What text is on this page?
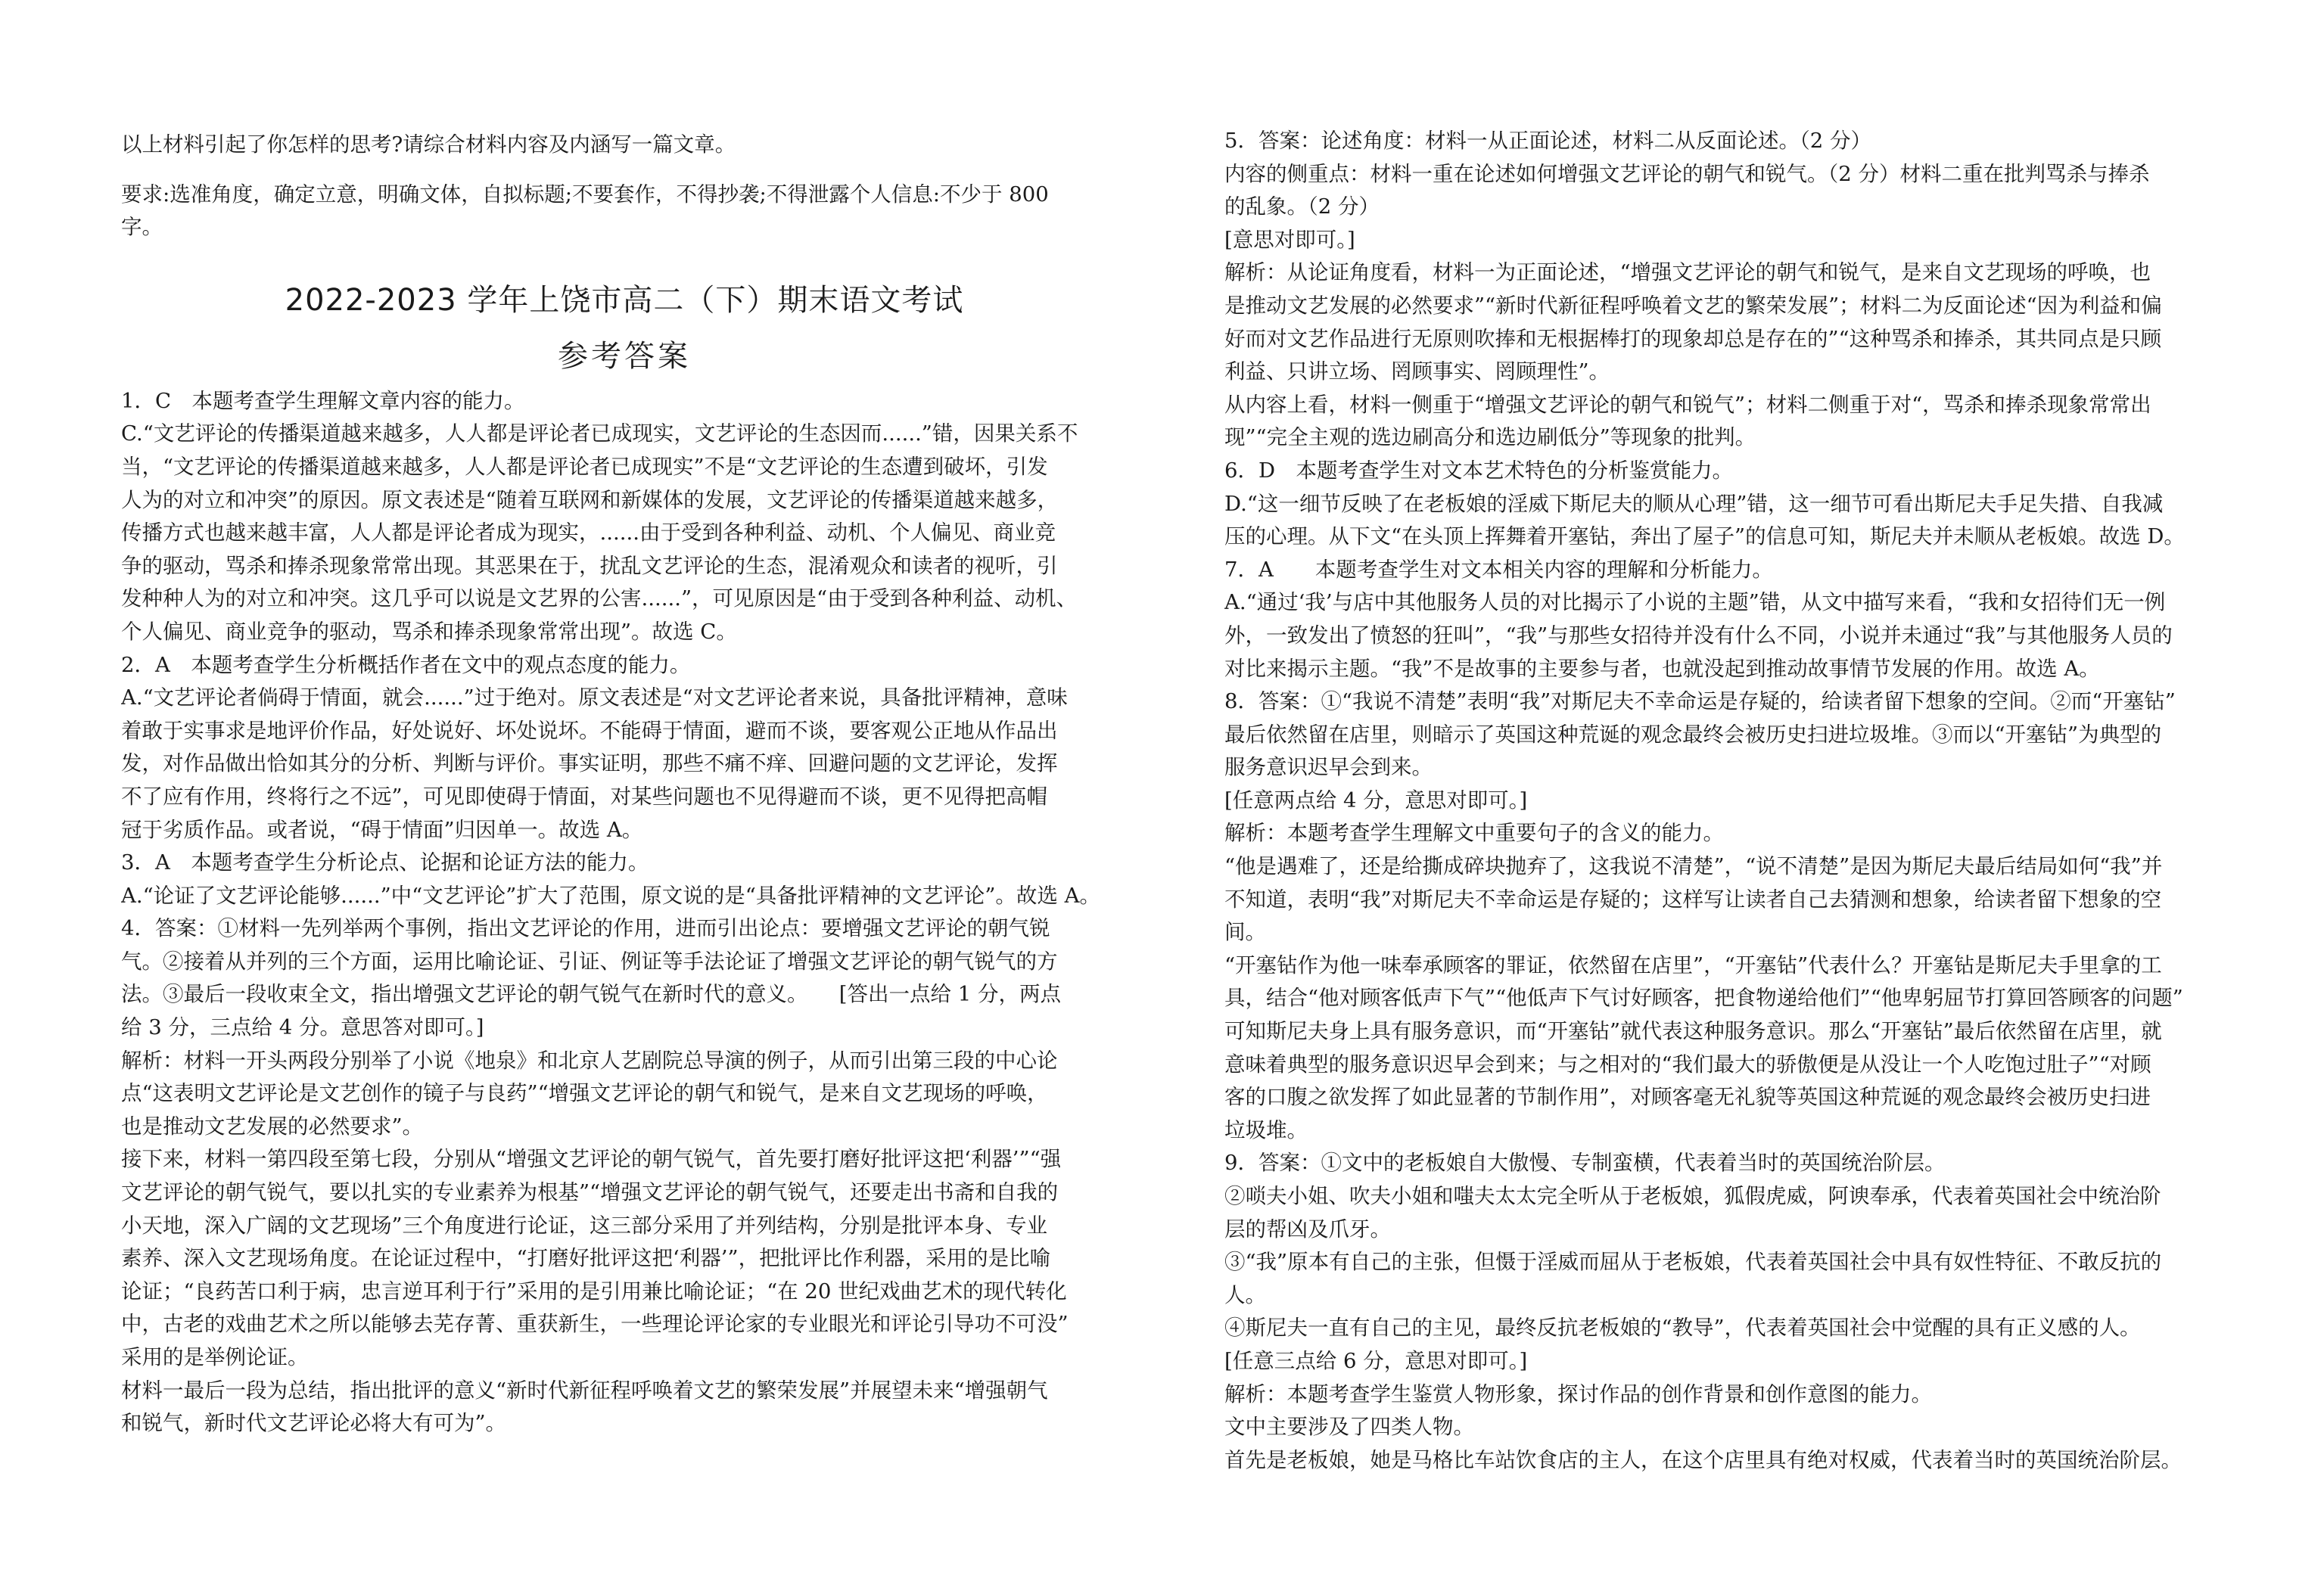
以上材料引起了你怎样的思考?请综合材料内容及内涵写一篇文章。
要求:选准角度，确定立意，明确文体，自拟标题;不要套作，不得抄袭;不得泄露个人信息:不少于 800
字。
2022-2023 学年上饶市高二（下）期末语文考试
参考答案
1．C　本题考查学生理解文章内容的能力。
C.“文艺评论的传播渠道越来越多，人人都是评论者已成现实，文艺评论的生态因而......”错，因果关系不
当，“文艺评论的传播渠道越来越多，人人都是评论者已成现实”不是“文艺评论的生态遭到破坏，引发
人为的对立和冲突”的原因。原文表述是“随着互联网和新媒体的发展，文艺评论的传播渠道越来越多，
传播方式也越来越丰富，人人都是评论者成为现实，......由于受到各种利益、动机、个人偏见、商业竞
争的驱动，骂杀和捧杀现象常常出现。其恶果在于，扰乱文艺评论的生态，混淆观众和读者的视听，引
发种种人为的对立和冲突。这几乎可以说是文艺界的公害......”，可见原因是“由于受到各种利益、动机、
个人偏见、商业竞争的驱动，骂杀和捧杀现象常常出现”。故选 C。
2．A　本题考查学生分析概括作者在文中的观点态度的能力。
A.“文艺评论者倘碍于情面，就会......”过于绝对。原文表述是“对文艺评论者来说，具备批评精神，意味
着敢于实事求是地评价作品，好处说好、坏处说坏。不能碍于情面，避而不谈，要客观公正地从作品出
发，对作品做出恰如其分的分析、判断与评价。事实证明，那些不痛不痒、回避问题的文艺评论，发挥
不了应有作用，终将行之不远”，可见即使碍于情面，对某些问题也不见得避而不谈，更不见得把高帽
冠于劣质作品。或者说，“碍于情面”归因单一。故选 A。
3．A　本题考查学生分析论点、论据和论证方法的能力。
A.“论证了文艺评论能够......”中“文艺评论”扩大了范围，原文说的是“具备批评精神的文艺评论”。故选 A。
4．答案：①材料一先列举两个事例，指出文艺评论的作用，进而引出论点：要增强文艺评论的朝气锐
气。②接着从并列的三个方面，运用比喻论证、引证、例证等手法论证了增强文艺评论的朝气锐气的方
法。③最后一段收束全文，指出增强文艺评论的朝气锐气在新时代的意义。　　[答出一点给 1 分，两点
给 3 分，三点给 4 分。意思答对即可。]
解析：材料一开头两段分别举了小说《地泉》和北京人艺剧院总导演的例子，从而引出第三段的中心论
点“这表明文艺评论是文艺创作的镜子与良药”“增强文艺评论的朝气和锐气，是来自文艺现场的呼唤，
也是推动文艺发展的必然要求”。
接下来，材料一第四段至第七段，分别从“增强文艺评论的朝气锐气，首先要打磨好批评这把‘利器’”“强
文艺评论的朝气锐气，要以扎实的专业素养为根基”“增强文艺评论的朝气锐气，还要走出书斋和自我的
小天地，深入广阔的文艺现场”三个角度进行论证，这三部分采用了并列结构，分别是批评本身、专业
素养、深入文艺现场角度。在论证过程中，“打磨好批评这把‘利器’”，把批评比作利器，采用的是比喻
论证；“良药苦口利于病，忠言逆耳利于行”采用的是引用兼比喻论证；“在 20 世纪戏曲艺术的现代转化
中，古老的戏曲艺术之所以能够去芜存菁、重获新生，一些理论评论家的专业眼光和评论引导功不可没”
采用的是举例论证。
材料一最后一段为总结，指出批评的意义“新时代新征程呼唤着文艺的繁荣发展”并展望未来“增强朝气
和锐气，新时代文艺评论必将大有可为”。
5．答案：论述角度：材料一从正面论述，材料二从反面论述。（2 分）
内容的侧重点：材料一重在论述如何增强文艺评论的朝气和锐气。（2 分）材料二重在批判骂杀与捧杀
的乱象。（2 分）
[意思对即可。]
解析：从论证角度看，材料一为正面论述，“增强文艺评论的朝气和锐气，是来自文艺现场的呼唤，也
是推动文艺发展的必然要求”“新时代新征程呼唤着文艺的繁荣发展”；材料二为反面论述“因为利益和偏
好而对文艺作品进行无原则吹捧和无根据棒打的现象却总是存在的”“这种骂杀和捧杀，其共同点是只顾
利益、只讲立场、罔顾事实、罔顾理性”。
从内容上看，材料一侧重于“增强文艺评论的朝气和锐气”；材料二侧重于对“，骂杀和捧杀现象常常出
现”“完全主观的选边刷高分和选边刷低分”等现象的批判。
6．D　本题考查学生对文本艺术特色的分析鉴赏能力。
D.“这一细节反映了在老板娘的淫威下斯尼夫的顺从心理”错，这一细节可看出斯尼夫手足失措、自我减
压的心理。从下文“在头顶上挥舞着开塞钻，奔出了屋子”的信息可知，斯尼夫并未顺从老板娘。故选 D。
7．A　　本题考查学生对文本相关内容的理解和分析能力。
A.“通过‘我’与店中其他服务人员的对比揭示了小说的主题”错，从文中描写来看，“我和女招待们无一例
外，一致发出了愤怒的狂叫”，“我”与那些女招待并没有什么不同，小说并未通过“我”与其他服务人员的
对比来揭示主题。“我”不是故事的主要参与者，也就没起到推动故事情节发展的作用。故选 A。
8．答案：①“我说不清楚”表明“我”对斯尼夫不幸命运是存疑的，给读者留下想象的空间。②而“开塞钻”
最后依然留在店里，则暗示了英国这种荒诞的观念最终会被历史扫进垃圾堆。③而以“开塞钻”为典型的
服务意识迟早会到来。
[任意两点给 4 分，意思对即可。]
解析：本题考查学生理解文中重要句子的含义的能力。
“他是遇难了，还是给撕成碎块抛弃了，这我说不清楚”，“说不清楚”是因为斯尼夫最后结局如何“我”并
不知道，表明“我”对斯尼夫不幸命运是存疑的；这样写让读者自己去猜测和想象，给读者留下想象的空
间。
“开塞钻作为他一味奉承顾客的罪证，依然留在店里”，“开塞钻”代表什么？开塞钻是斯尼夫手里拿的工
具，结合“他对顾客低声下气”“他低声下气讨好顾客，把食物递给他们”“他卑躬屈节打算回答顾客的问题”
可知斯尼夫身上具有服务意识，而“开塞钻”就代表这种服务意识。那么“开塞钻”最后依然留在店里，就
意味着典型的服务意识迟早会到来；与之相对的“我们最大的骄傲便是从没让一个人吃饱过肚子”“对顾
客的口腹之欲发挥了如此显著的节制作用”，对顾客毫无礼貌等英国这种荒诞的观念最终会被历史扫进
垃圾堆。
9．答案：①文中的老板娘自大傲慢、专制蛮横，代表着当时的英国统治阶层。
②唢夫小姐、吹夫小姐和嗤夫太太完全听从于老板娘，狐假虎威，阿谀奉承，代表着英国社会中统治阶
层的帮凶及爪牙。
③“我”原本有自己的主张，但慑于淫威而屈从于老板娘，代表着英国社会中具有奴性特征、不敢反抗的
人。
④斯尼夫一直有自己的主见，最终反抗老板娘的“教导”，代表着英国社会中觉醒的具有正义感的人。
[任意三点给 6 分，意思对即可。]
解析：本题考查学生鉴赏人物形象，探讨作品的创作背景和创作意图的能力。
文中主要涉及了四类人物。
首先是老板娘，她是马格比车站饮食店的主人，在这个店里具有绝对权威，代表着当时的英国统治阶层。
